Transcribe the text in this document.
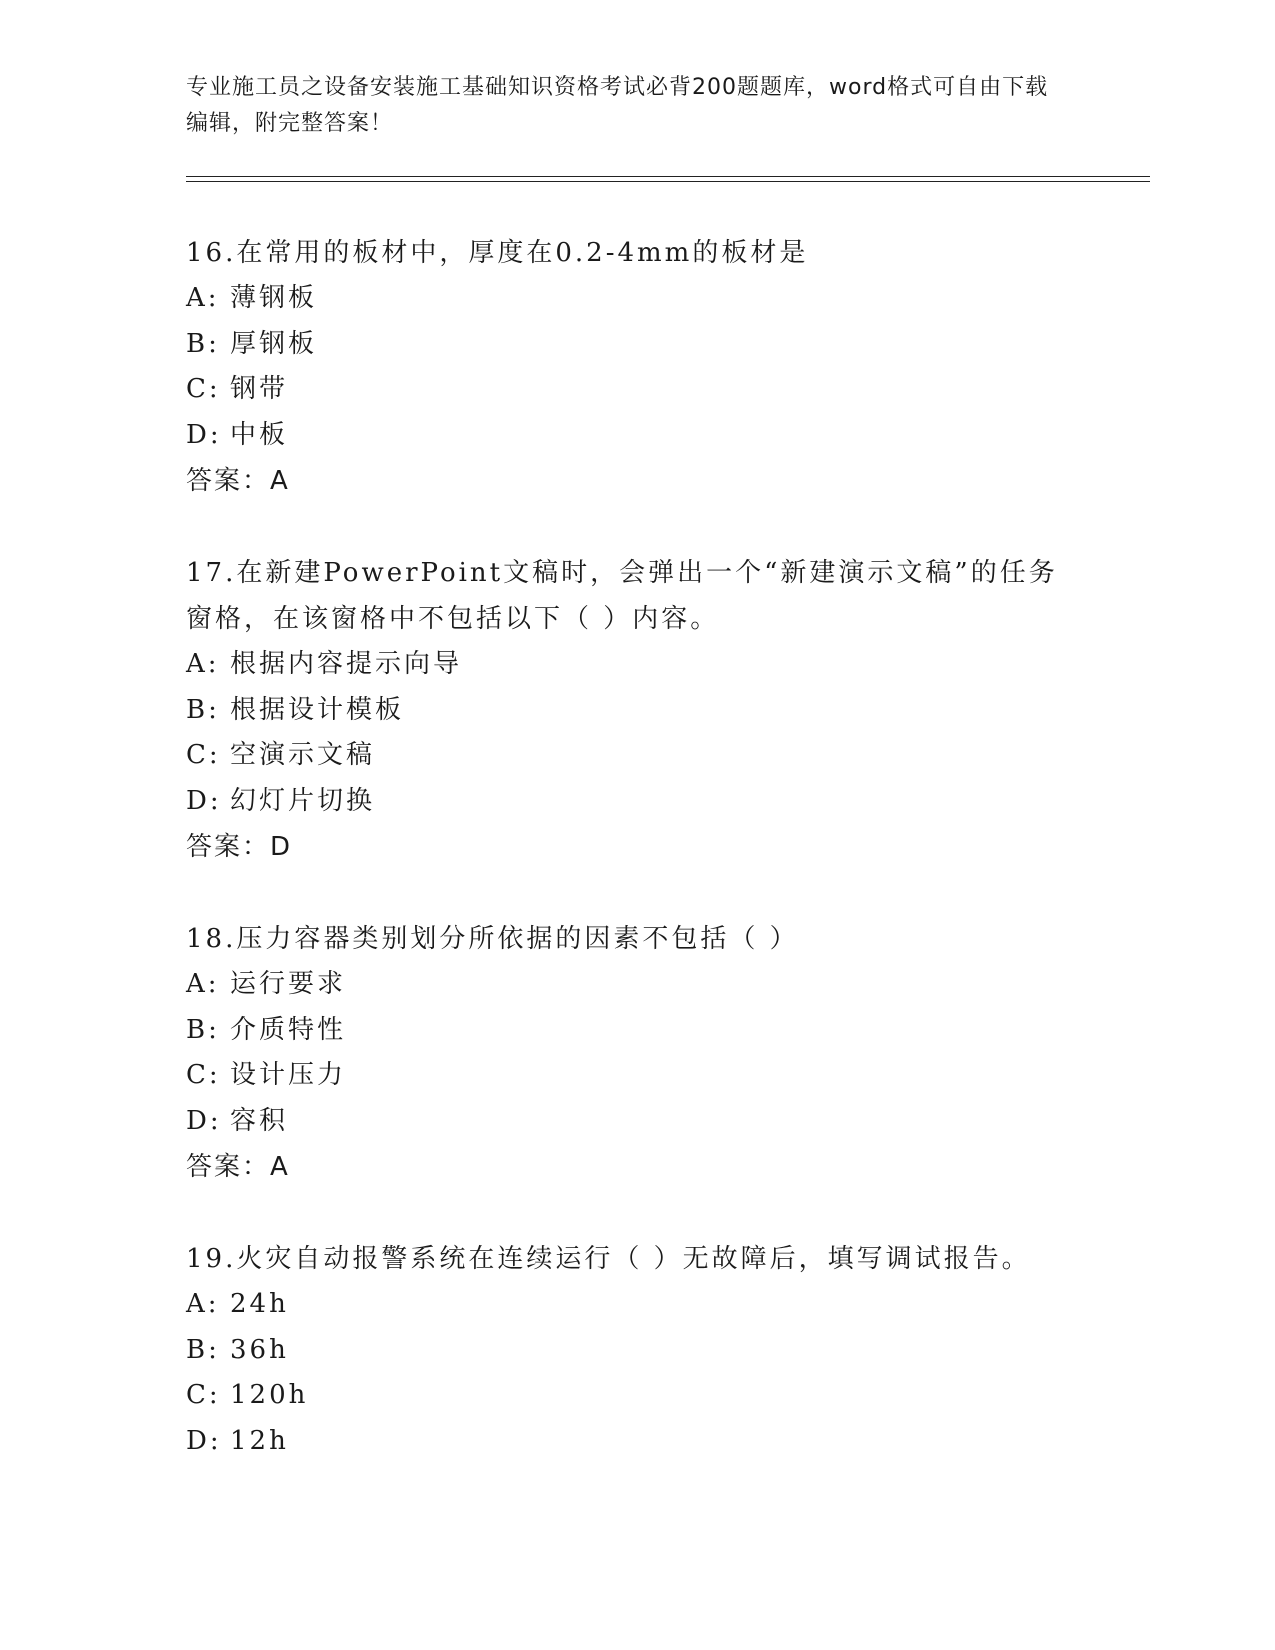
专业施工员之设备安装施工基础知识资格考试必背200题题库，word格式可自由下载编辑，附完整答案！

16.在常用的板材中，厚度在0.2-4mm的板材是

A: 薄钢板

B: 厚钢板

C: 钢带

D: 中板

答案：A

17.在新建PowerPoint文稿时，会弹出一个“新建演示文稿”的任务窗格，在该窗格中不包括以下（ ）内容。

A: 根据内容提示向导

B: 根据设计模板

C: 空演示文稿

D: 幻灯片切换

答案：D

18.压力容器类别划分所依据的因素不包括（ ）

A: 运行要求

B: 介质特性

C: 设计压力

D: 容积

答案：A

19.火灾自动报警系统在连续运行（ ）无故障后，填写调试报告。

A: 24h

B: 36h

C: 120h

D: 12h
